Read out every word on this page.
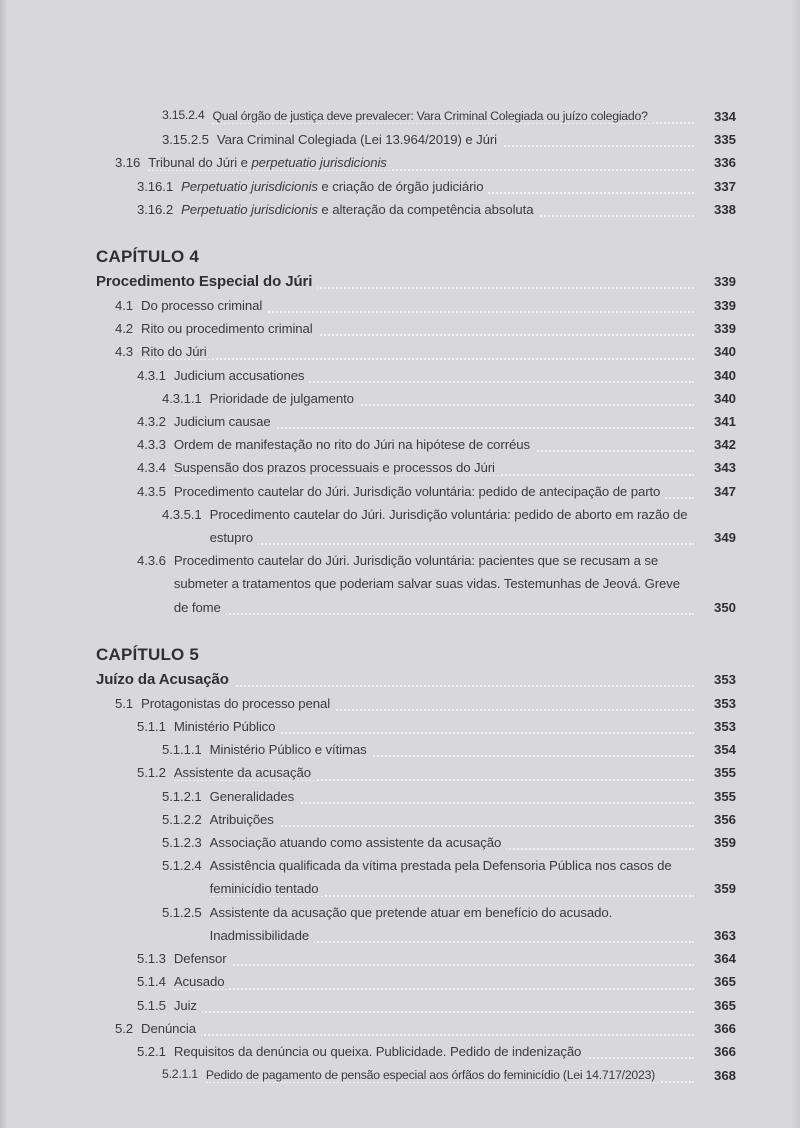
3.15.2.4 Qual órgão de justiça deve prevalecer: Vara Criminal Colegiada ou juízo colegiado?	334
3.15.2.5 Vara Criminal Colegiada (Lei 13.964/2019) e Júri	335
3.16 Tribunal do Júri e perpetuatio jurisdicionis	336
3.16.1 Perpetuatio jurisdicionis e criação de órgão judiciário	337
3.16.2 Perpetuatio jurisdicionis e alteração da competência absoluta	338
CAPÍTULO 4
Procedimento Especial do Júri	339
4.1 Do processo criminal	339
4.2 Rito ou procedimento criminal	339
4.3 Rito do Júri	340
4.3.1 Judicium accusationes	340
4.3.1.1 Prioridade de julgamento	340
4.3.2 Judicium causae	341
4.3.3 Ordem de manifestação no rito do Júri na hipótese de corréus	342
4.3.4 Suspensão dos prazos processuais e processos do Júri	343
4.3.5 Procedimento cautelar do Júri. Jurisdição voluntária: pedido de antecipação de parto	347
4.3.5.1 Procedimento cautelar do Júri. Jurisdição voluntária: pedido de aborto em razão de estupro	349
4.3.6 Procedimento cautelar do Júri. Jurisdição voluntária: pacientes que se recusam a se submeter a tratamentos que poderiam salvar suas vidas. Testemunhas de Jeová. Greve de fome	350
CAPÍTULO 5
Juízo da Acusação	353
5.1 Protagonistas do processo penal	353
5.1.1 Ministério Público	353
5.1.1.1 Ministério Público e vítimas	354
5.1.2 Assistente da acusação	355
5.1.2.1 Generalidades	355
5.1.2.2 Atribuições	356
5.1.2.3 Associação atuando como assistente da acusação	359
5.1.2.4 Assistência qualificada da vítima prestada pela Defensoria Pública nos casos de feminicídio tentado	359
5.1.2.5 Assistente da acusação que pretende atuar em benefício do acusado. Inadmissibilidade	363
5.1.3 Defensor	364
5.1.4 Acusado	365
5.1.5 Juiz	365
5.2 Denúncia	366
5.2.1 Requisitos da denúncia ou queixa. Publicidade. Pedido de indenização	366
5.2.1.1 Pedido de pagamento de pensão especial aos órfãos do feminicídio (Lei 14.717/2023)	368
